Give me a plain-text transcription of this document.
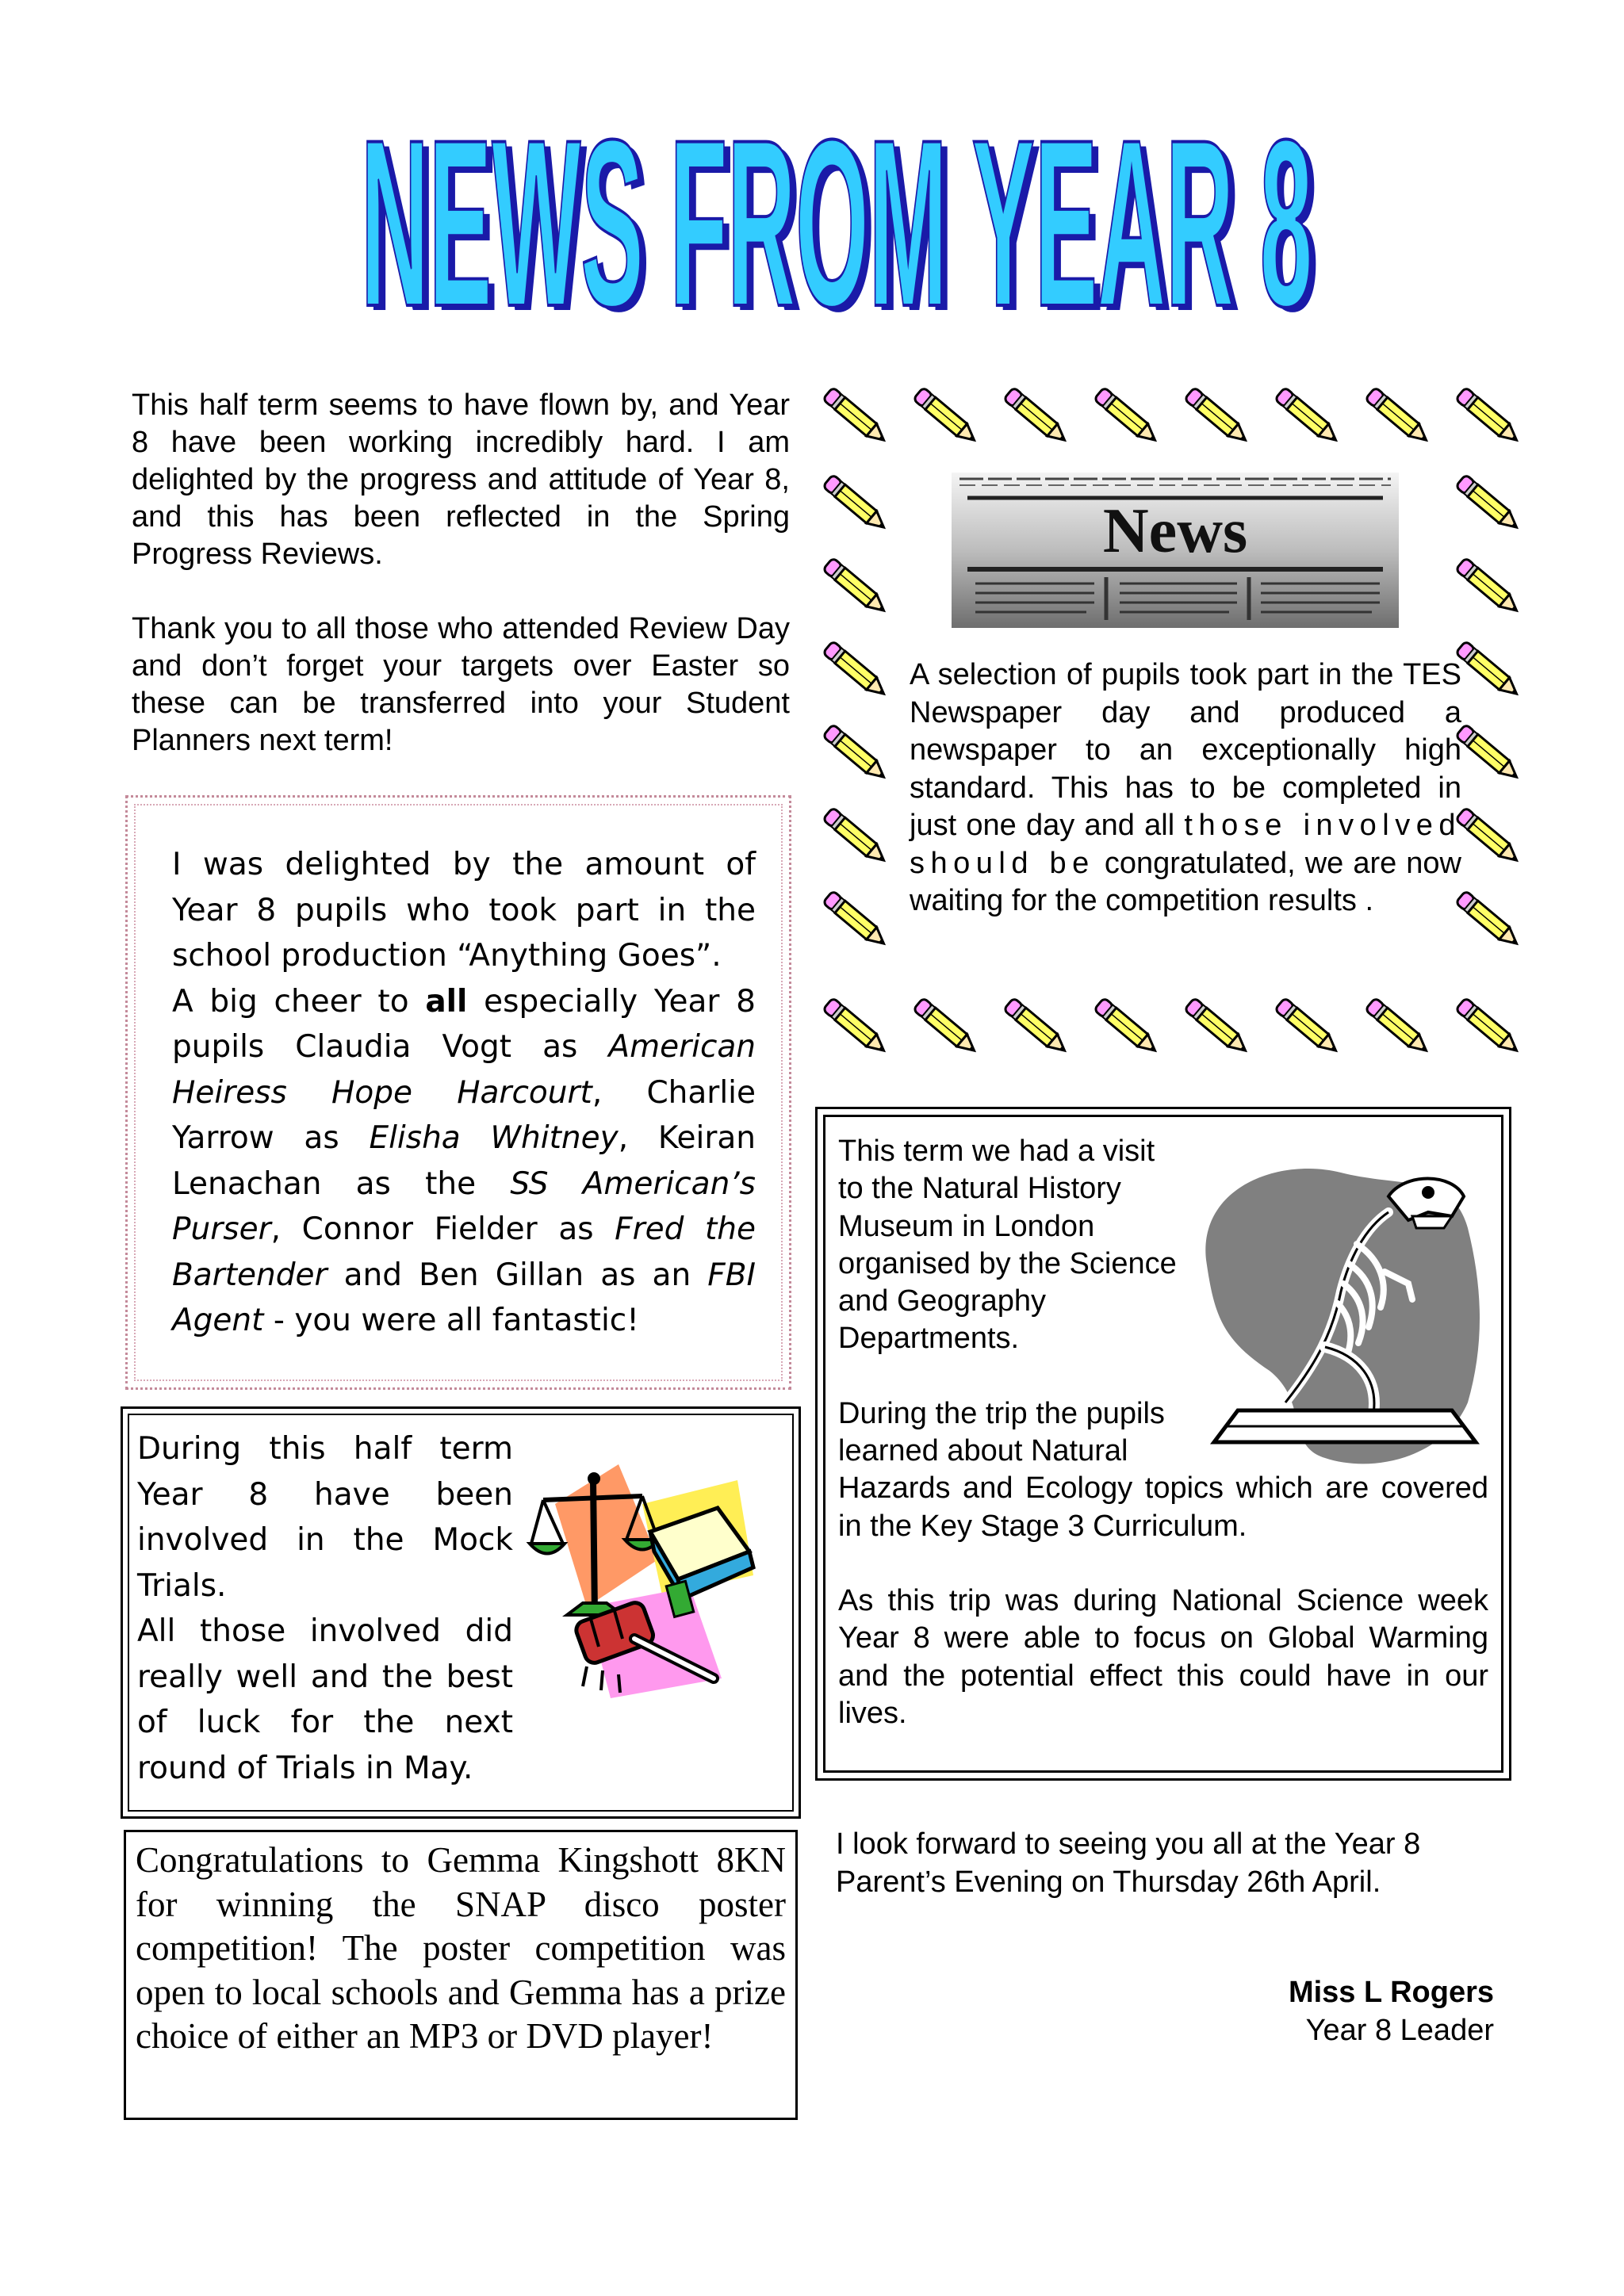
NEWS FROM YEAR 8
NEWS FROM YEAR 8

This half term seems to have flown by, and Year 8 have been working incredibly hard. I am delighted by the progress and attitude of Year 8, and this has been reflected in the Spring Progress Reviews.

Thank you to all those who attended Review Day and don’t forget your targets over Easter so these can be transferred into your Student Planners next term!

I was delighted by the amount of Year 8 pupils who took part in the school production “Anything Goes”.

A big cheer to all especially Year 8 pupils Claudia Vogt as American Heiress Hope Harcourt, Charlie Yarrow as Elisha Whitney, Keiran Lenachan as the SS American’s Purser, Connor Fielder as Fred the Bartender and Ben Gillan as an FBI Agent - you were all fantastic!

During this half term Year 8 have been involved in the Mock Trials.

All those involved did really well and the best of luck for the next round of Trials in May.

Congratulations to Gemma Kingshott 8KN for winning the SNAP disco poster competition! The poster competition was open to local schools and Gemma has a prize choice of either an MP3 or DVD player!

News
A selection of pupils took part in the TES Newspaper day and produced a newspaper to an exceptionally high standard. This has to be completed in just one day and all those involved should be congratulated, we are now waiting for the competition results .

This term we had a visit to the Natural History Museum in London organised by the Science and Geography Departments.

During the trip the pupils learned about Natural

Hazards and Ecology topics which are covered in the Key Stage 3 Curriculum.

As this trip was during National Science week Year 8 were able to focus on Global Warming and the potential effect this could have in our lives.

I look forward to seeing you all at the Year 8 Parent’s Evening on Thursday 26th April.

Miss L Rogers

Year 8 Leader
